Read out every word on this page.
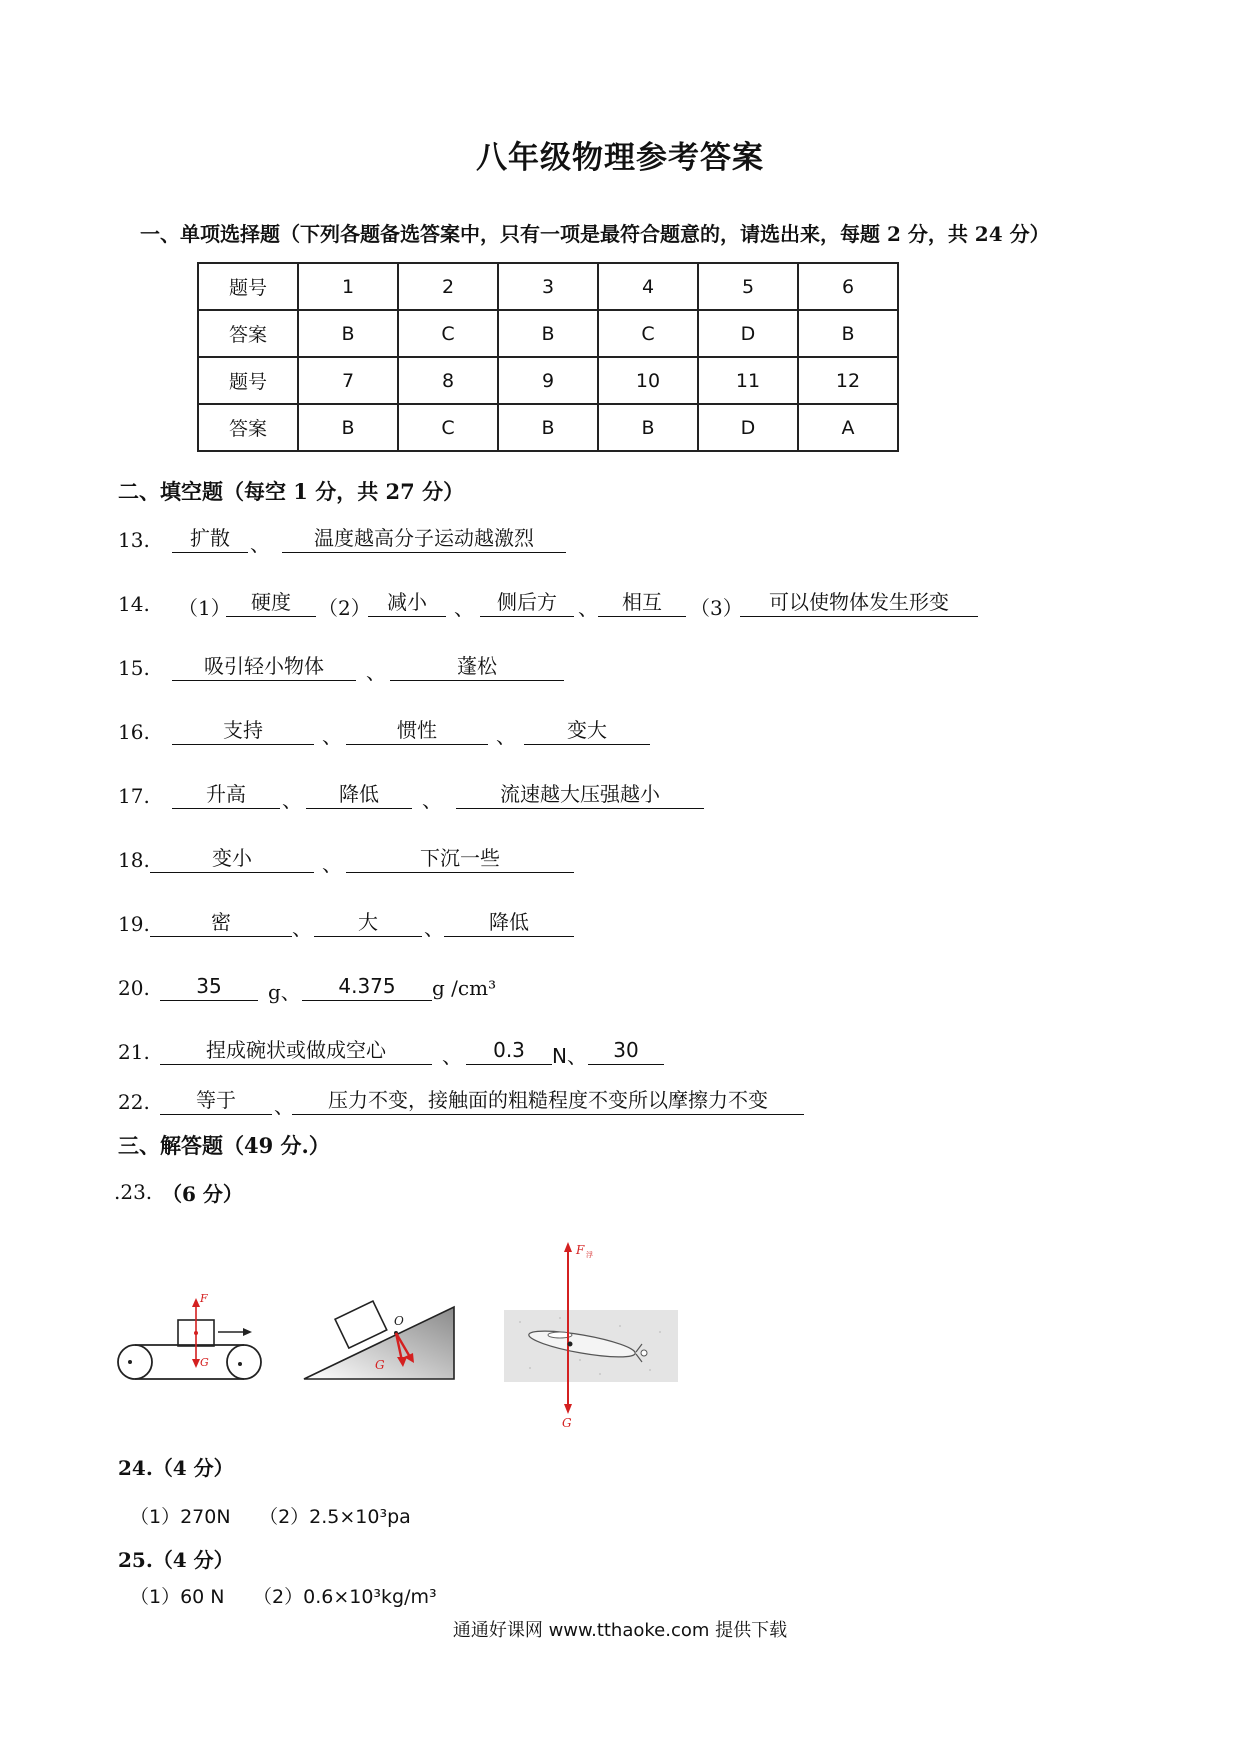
八年级物理参考答案
一、单项选择题（下列各题备选答案中，只有一项是最符合题意的，请选出来，每题 2 分，共 24 分）
题号	1	2	3	4	5	6
答案	B	C	B	C	D	B
题号	7	8	9	10	11	12
答案	B	C	B	B	D	A
二、填空题（每空 1 分，共 27 分）
13.	扩散	、	温度越高分子运动越激烈
14. （1）	硬度	（2） 减小	、	侧后方	、	相互	（3）	可以使物体发生形变
15.	吸引轻小物体	、	蓬松
16.	支持	、	惯性	、	变大
17.	升高	、	降低	、	流速越大压强越小
18.	变小	、	下沉一些
19.	密	、	大	、	降低
20.	35	g、	4.375	g /cm³
21.	捏成碗状或做成空心	、	0.3	N、	30
22.	等于	、	压力不变，接触面的粗糙程度不变所以摩擦力不变
三、解答题（49 分.）
.23. （6 分）
F
G
O
G
F 浮
G
24.（4 分）
（1）270N　　（2）2.5×10³pa
25.（4 分）
（1）60 N　　（2）0.6×10³kg/m³
通通好课网 www.tthaoke.com 提供下载
